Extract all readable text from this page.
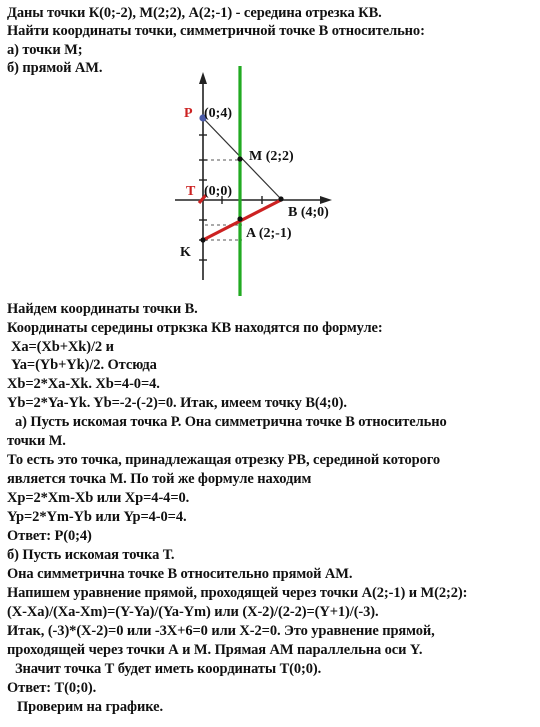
Даны точки К(0;-2), М(2;2), А(2;-1) - середина отрезка КВ.
Найти координаты точки, симметричной точке В относительно:
а) точки М;
б) прямой АМ.
P (0;4)
M (2;2)
T (0;0)
B (4;0)
A (2;-1)
K
Найдем координаты точки В.
Координаты середины отркзка КВ находятся по формуле:
Xa=(Xb+Xk)/2 и
Ya=(Yb+Yk)/2. Отсюда
Xb=2*Xa-Xk. Xb=4-0=4.
Yb=2*Ya-Yk. Yb=-2-(-2)=0. Итак, имеем точку В(4;0).
а) Пусть искомая точка Р. Она симметрична точке В относительно
точки М.
То есть это точка, принадлежащая отрезку РВ, серединой которого
является точка М. По той же формуле находим
Xp=2*Xm-Xb или Xp=4-4=0.
Yp=2*Ym-Yb или Yp=4-0=4.
Ответ: Р(0;4)
б) Пусть искомая точка Т.
Она симметрична точке В относительно прямой АМ.
Напишем уравнение прямой, проходящей через точки А(2;-1) и М(2;2):
(X-Xa)/(Xa-Xm)=(Y-Ya)/(Ya-Ym) или (X-2)/(2-2)=(Y+1)/(-3).
Итак, (-3)*(X-2)=0 или -3X+6=0 или X-2=0. Это уравнение прямой,
проходящей через точки А и М. Прямая АМ параллельна оси Y.
Значит точка Т будет иметь координаты Т(0;0).
Ответ: Т(0;0).
Проверим на графике.
